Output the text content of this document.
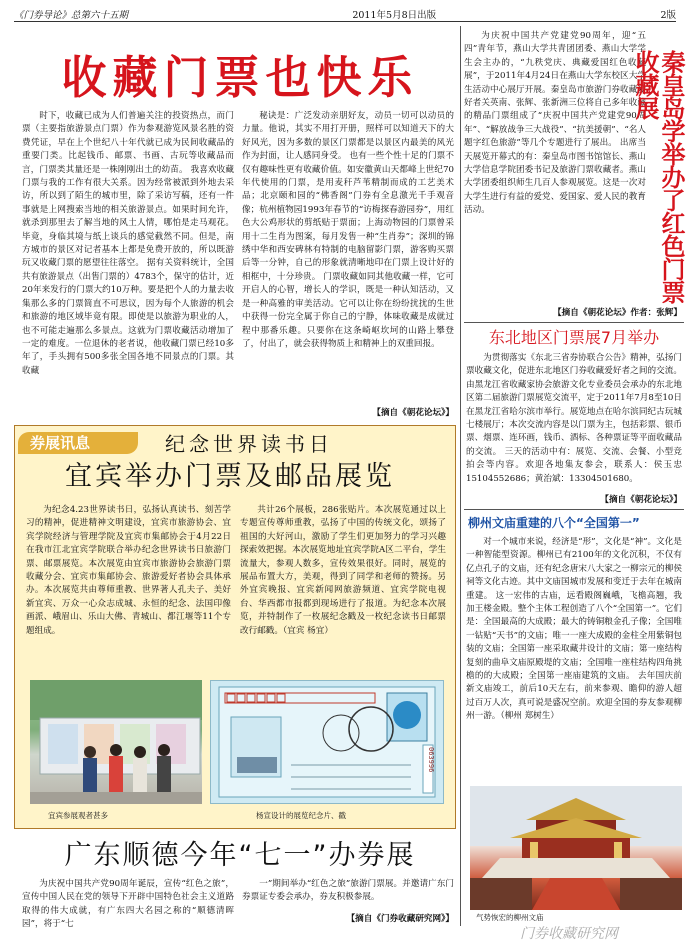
《门券导论》总第六十五期	2011年5月8日出版	2版
收藏门票也快乐

时下，收藏已成为人们普遍关注的投资热点，而门票（主要指旅游景点门票）作为参观游览风景名胜的资费凭证，早在上个世纪八十年代就已成为民间收藏品的重要门类。比起钱币、邮票、书画、古玩等收藏品而言，门票类其量还是一株刚刚出土的幼苗。 我喜欢收藏门票与我的工作有很大关系。因为经常被派到外地去采访，所以到了陌生的城市里，除了采访写稿，还有一件事就是上网搜索当地的相关旅游景点。如果时间允许，就杀到那里去了解当地的风土人情，哪怕是走马观花。毕竟，身临其境与纸上谈兵的感觉截然不同。但是，南方城市的景区对记者基本上都是免费开放的，所以既游玩又收藏门票的愿望往往落空。 据有关资料统计，全国共有旅游景点（出售门票的）4783个，保守的估计，近20年来发行的门票大约10万种。要是把个人的力量去收集那么多的门票简直不可思议，因为每个人旅游的机会和旅游的地区域毕竟有限。即使是以旅游为职业的人，也不可能走遍那么多景点。这就为门票收藏活动增加了一定的难度。一位退休的老者说，他收藏门票已经10多年了，手头拥有500多张全国各地不同景点的门票。其收藏

秘诀是：广泛发动亲朋好友，动员一切可以动员的力量。他说，其实不用打开册，照样可以知道天下的大好风光，因为多数的景区门票都是以景区内最美的风光作为封面，让人感同身受。 也有一些个性十足的门票不仅有趣味性更有收藏价值。如安徽黄山天都峰上世纪70年代使用的门票，是用麦秆芦苇精制而成的工艺美术品；北京颐和园的“佛香阁”门券有全息激光千手观音像；杭州植物园1993年春节的“访梅探春游园券”，用红色大公鸡形状的剪纸贴于票面；上海动物园的门票曾采用十二生肖为图案，每月发售一种“生肖券”；深圳的锦绣中华和西安碑林有特制的电脑留影门票，游客购买票后等一分钟，自己的形象就清晰地印在门票上设计好的相框中，十分珍贵。 门票收藏如同其他收藏一样，它可开启人的心智，增长人的学识，既是一种认知活动，又是一种高雅的审美活动。它可以让你在纷纷扰扰的生世中获得一份完全属于你自己的宁静，体味收藏是成就过程中那番乐趣。只要你在这条崎岖坎坷的山路上攀登了，付出了，就会获得物质上和精神上的双重回报。

【摘自《朝花论坛》】
券展讯息	纪念世界读书日
宜宾举办门票及邮品展览

为纪念4.23世界读书日，弘扬认真读书、刻苦学习的精神，促进精神文明建设，宜宾市旅游协会、宜宾学院经济与管理学院及宜宾市集邮协会于4月22日在我市江北宜宾学院联合举办纪念世界读书日旅游门票、邮票展览。本次展览由宜宾市旅游协会旅游门票收藏分会、宜宾市集邮协会、旅游爱好者协会具体承办。本次展览共由尊师重教、世界著人孔夫子、美好新宜宾、万众一心众志成城、永恒的纪念、法国印像画派、峨眉山、乐山大佛、青城山、都江堰等11个专题组成。

共计26个展板，286张贴片。本次展览通过以上专题宣传尊师重教，弘扬了中国的传统文化，颂扬了祖国的大好河山，激励了学生们更加努力的学习兴趣探索效把握。本次展览地址宜宾学院A区二平台，学生流量大，参观人数多，宣传效果很好。同时，展览的展品布置大方，美观，得到了同学和老师的赞扬。另外宜宾晚报、宜宾新闻网旅游频道、宜宾学院电视台、华西都市报都到现场进行了报道。为纪念本次展览，并特制作了一枚展纪念戳及一枚纪念读书日邮票改行邮戳。（宜宾 杨宜）

063996
宜宾参展观者甚多	杨宣设计的展览纪念片、戳
广东顺德今年“七一”办券展

为庆祝中国共产党90周年诞辰，宣传“红色之旅”，宣传中国人民在党的领导下开辟中国特色社会主义道路取得的伟大成就，有广东四大名园之称的“顺德清晖园”，将于“七

一”期间举办“红色之旅”旅游门票展。并邀请广东门券票证专委会承办，券友积极参展。

【摘自《门券收藏研究网》】

为庆祝中国共产党建党90周年，迎“五四”青年节，燕山大学共青团团委、燕山大学学生会主办的，“九秩党庆、典藏爱国红色收藏展”，于2011年4月24日在燕山大学东校区大学生活动中心展厅开展。秦皇岛市旅游门券收藏爱好者关英南、张辉、张新洲三位将自己多年收藏的精品门票组成了“庆祝中国共产党建党90周年”、“解放战争三大战役”、“抗美援朝”、“名人题字红色旅游”等几个专题进行了展出。 出席当天展览开幕式的有：秦皇岛市图书馆馆长、燕山大学信息学院团委书记及旅游门票收藏者。燕山大学团委组织师生几百人参观展览。这是一次对大学生进行有益的爱党、爱国家、爱人民的教育活动。	秦皇岛学举办了红色门票收藏展
【摘自《朝花论坛》作者：张辉】
东北地区门票展7月举办

为贯彻落实《东北三省券协联合公告》精神，弘扬门票收藏文化，促进东北地区门券收藏爱好者之间的交流。由黑龙江省收藏家协会旅游文化专业委员会承办的东北地区第二届旅游门票展览交流平，定于2011年7月8至10日在黑龙江省哈尔滨市举行。展览地点在哈尔滨同纪古玩城七楼展厅；本次交流内容是以门票为主，包括彩票、银币票、烟票、连环画，钱币、酒标、各种票证等平面收藏品的交流。 三天的活动中有：展览、交流、会餐、小型竞拍会等内容。欢迎各地集友参会，联系人：侯玉忠15104552686；黄治斌：13304501680。

【摘自《朝花论坛》】
柳州文庙重建的八个“全国第一”

对一个城市来说，经济是“形”，文化是“神”。文化是一种智能型资源。柳州已有2100年的文化沉积，不仅有亿点孔子的文庙，还有纪念唐宋八大家之一柳宗元的柳侯祠等文化古迹。其中文庙国城市发展和变迁于去年在城南重建。 这一宏伟的古庙，远看殿阁巍峨，飞檐高翘，我加王楼金殿。整个主体工程创造了八个“全国第一”。它们是：全国最高的大成殿；最大的铸铜粮金孔子像；全国唯一钻贴“天书”的文庙；唯一一座大成殿的金柱全用紫铜包装的文庙；全国第一座采取藏井设计的文庙；第一座结构复刻的曲阜文庙原殿堤的文庙；全国唯一座柱结构四角挑檐的的大成殿；全国第一座庙建筑的文庙。 去年国庆前新文庙竣工，前后10天左右，前来参观、瞻仰的游人超过百万人次，真可说是盛况空前。欢迎全国的券友参观柳州一游。（柳州 郑树生）

气势恢宏的柳州文庙
门券收藏研究网
